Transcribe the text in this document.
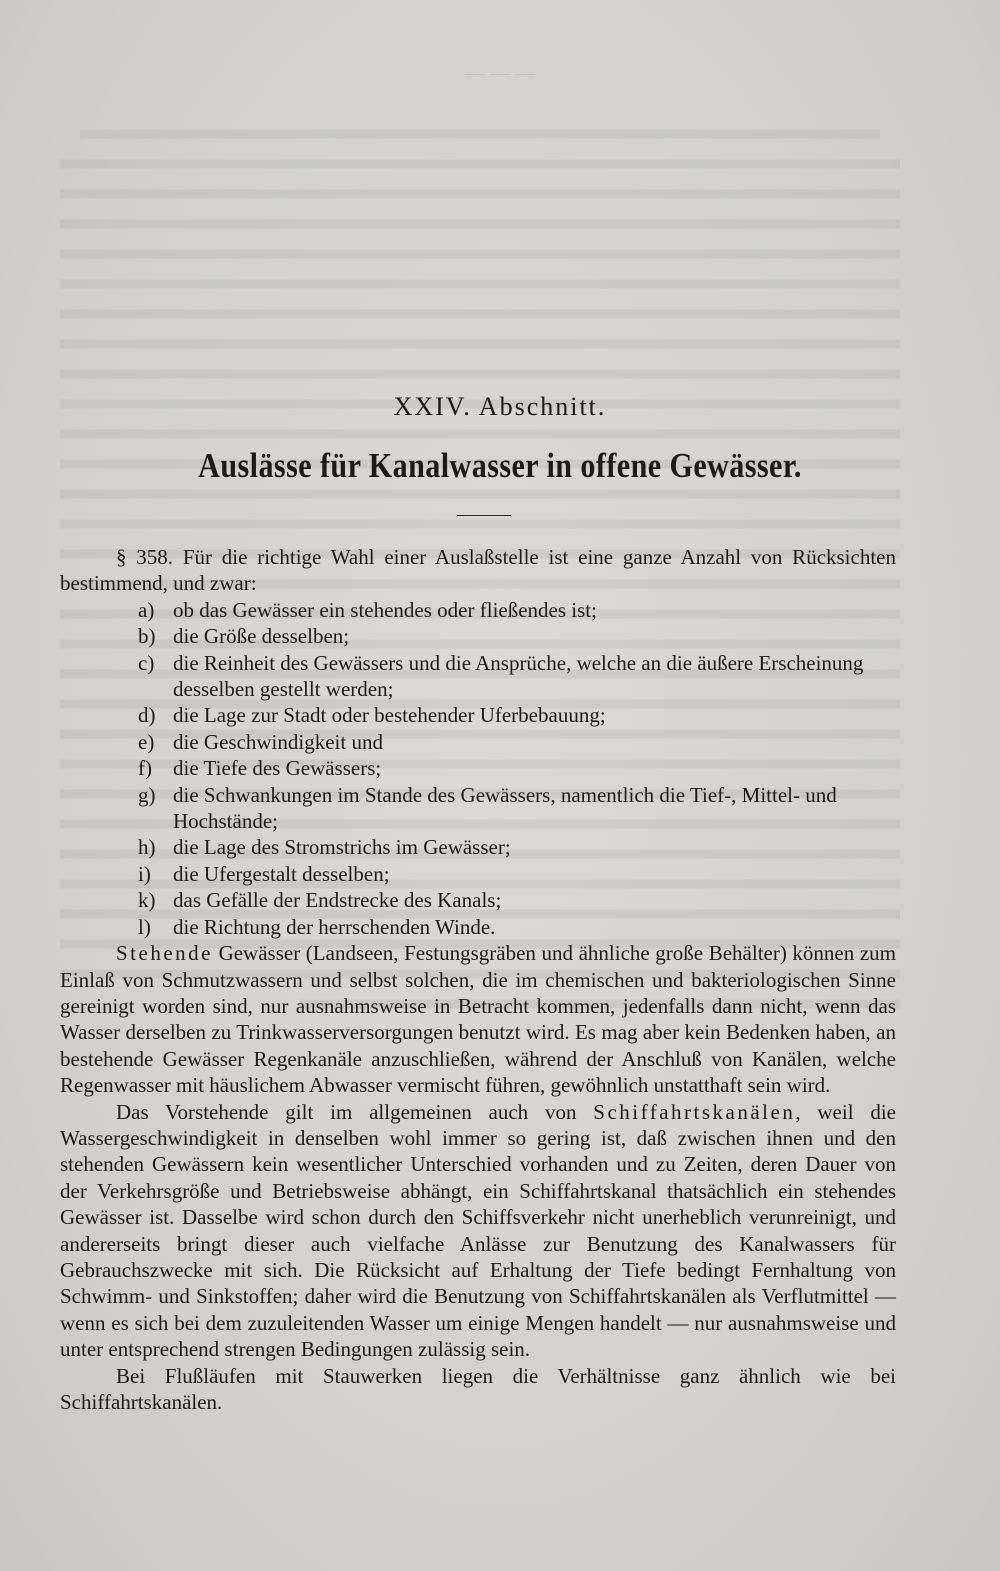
— — —
XXIV. Abschnitt.
Auslässe für Kanalwasser in offene Gewässer.

§ 358. Für die richtige Wahl einer Auslaßstelle ist eine ganze Anzahl von Rücksichten bestimmend, und zwar:

a) ob das Gewässer ein stehendes oder fließendes ist;
b) die Größe desselben;
c) die Reinheit des Gewässers und die Ansprüche, welche an die äußere Erscheinung desselben gestellt werden;
d) die Lage zur Stadt oder bestehender Uferbebauung;
e) die Geschwindigkeit und
f) die Tiefe des Gewässers;
g) die Schwankungen im Stande des Gewässers, namentlich die Tief-, Mittel- und Hochstände;
h) die Lage des Stromstrichs im Gewässer;
i) die Ufergestalt desselben;
k) das Gefälle der Endstrecke des Kanals;
l) die Richtung der herrschenden Winde.

Stehende Gewässer (Landseen, Festungsgräben und ähnliche große Behälter) können zum Einlaß von Schmutzwassern und selbst solchen, die im chemischen und bakteriologischen Sinne gereinigt worden sind, nur ausnahmsweise in Betracht kommen, jedenfalls dann nicht, wenn das Wasser derselben zu Trinkwasserversorgungen benutzt wird. Es mag aber kein Bedenken haben, an bestehende Gewässer Regenkanäle anzuschließen, während der Anschluß von Kanälen, welche Regenwasser mit häuslichem Abwasser vermischt führen, gewöhnlich unstatthaft sein wird.

Das Vorstehende gilt im allgemeinen auch von Schiffahrtskanälen, weil die Wassergeschwindigkeit in denselben wohl immer so gering ist, daß zwischen ihnen und den stehenden Gewässern kein wesentlicher Unterschied vorhanden und zu Zeiten, deren Dauer von der Verkehrsgröße und Betriebsweise abhängt, ein Schiffahrtskanal thatsächlich ein stehendes Gewässer ist. Dasselbe wird schon durch den Schiffsverkehr nicht unerheblich verunreinigt, und andererseits bringt dieser auch vielfache Anlässe zur Benutzung des Kanalwassers für Gebrauchszwecke mit sich. Die Rücksicht auf Erhaltung der Tiefe bedingt Fernhaltung von Schwimm- und Sinkstoffen; daher wird die Benutzung von Schiffahrtskanälen als Verflutmittel — wenn es sich bei dem zuzuleitenden Wasser um einige Mengen handelt — nur ausnahmsweise und unter entsprechend strengen Bedingungen zulässig sein.

Bei Flußläufen mit Stauwerken liegen die Verhältnisse ganz ähnlich wie bei Schiffahrtskanälen.
